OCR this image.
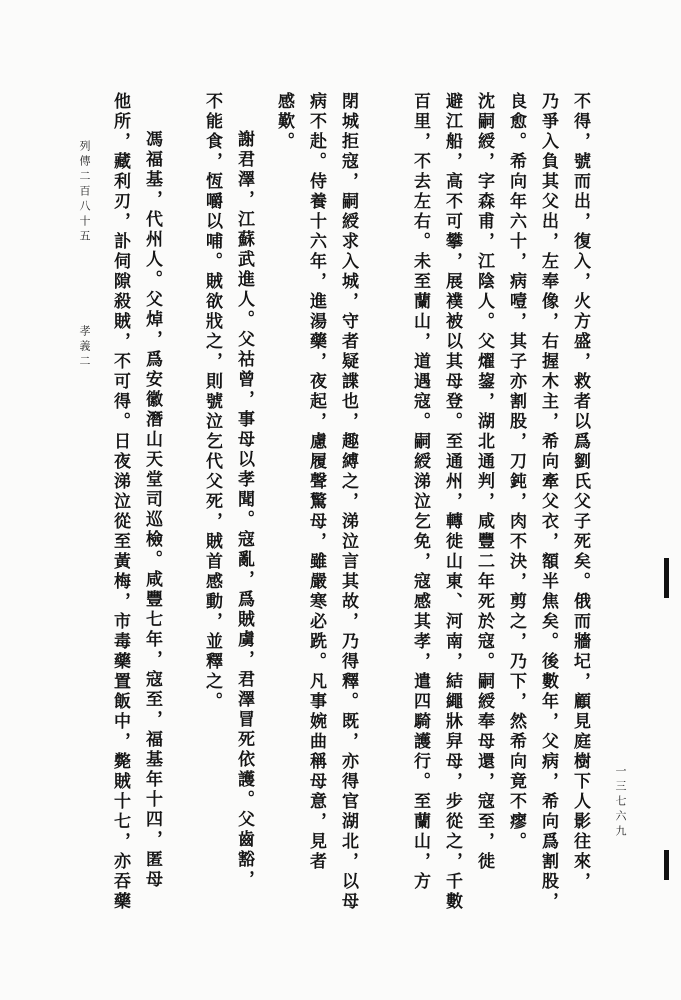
不得，號而出，復入，火方盛，救者以爲劉氏父子死矣。俄而牆圮，顧見庭樹下人影往來，
乃爭入負其父出，左奉像，右握木主，希向牽父衣，額半焦矣。後數年，父病，希向爲割股，
良愈。希向年六十，病噎，其子亦割股，刀鈍，肉不決，剪之，乃下，然希向竟不瘳。
沈嗣綬，字森甫，江陰人。父燿鋆，湖北通判，咸豐二年死於寇。嗣綬奉母還，寇至，徙
避江船，高不可攀，展襆被以其母登。至通州，轉徙山東、河南，結繩牀舁母，步從之，千數
百里，不去左右。未至蘭山，道遇寇。嗣綬涕泣乞免，寇感其孝，遣四騎護行。至蘭山，方
閉城拒寇，嗣綬求入城，守者疑諜也，趣縛之，涕泣言其故，乃得釋。既，亦得官湖北，以母
病不赴。侍養十六年，進湯藥，夜起，慮履聲驚母，雖嚴寒必跣。凡事婉曲稱母意，見者
感歎。
謝君澤，江蘇武進人。父祜曾，事母以孝聞。寇亂，爲賊虜，君澤冒死依護。父齒豁，
不能食，恆嚼以哺。賊欲戕之，則號泣乞代父死，賊首感動，並釋之。
馮福基，代州人。父焯，爲安徽潛山天堂司巡檢。咸豐七年，寇至，福基年十四，匿母
他所，藏利刃，訃伺隙殺賊，不可得。日夜涕泣從至黃梅，市毒藥置飯中，斃賊十七，亦吞藥
列傳二百八十五
孝義二
一三七六九
